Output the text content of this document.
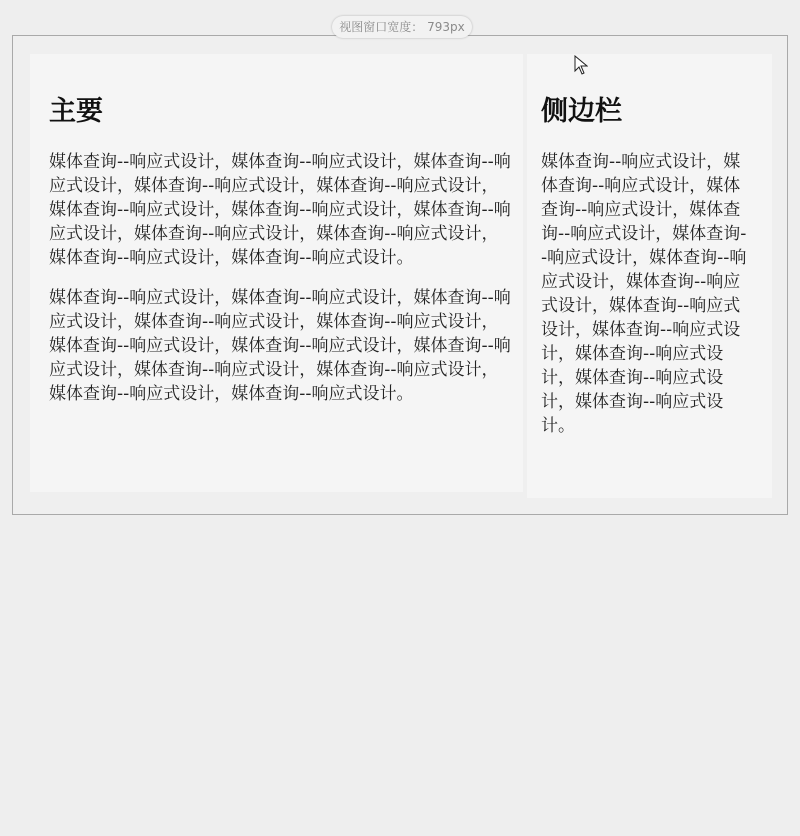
视图窗口宽度： 793px
主要

媒体查询--响应式设计，媒体查询--响应式设计，媒体查询--响应式设计，媒体查询--响应式设计，媒体查询--响应式设计，媒体查询--响应式设计，媒体查询--响应式设计，媒体查询--响应式设计，媒体查询--响应式设计，媒体查询--响应式设计，媒体查询--响应式设计，媒体查询--响应式设计。

媒体查询--响应式设计，媒体查询--响应式设计，媒体查询--响应式设计，媒体查询--响应式设计，媒体查询--响应式设计，媒体查询--响应式设计，媒体查询--响应式设计，媒体查询--响应式设计，媒体查询--响应式设计，媒体查询--响应式设计，媒体查询--响应式设计，媒体查询--响应式设计。

侧边栏

媒体查询--响应式设计，媒体查询--响应式设计，媒体查询--响应式设计，媒体查询--响应式设计，媒体查询--响应式设计，媒体查询--响应式设计，媒体查询--响应式设计，媒体查询--响应式设计，媒体查询--响应式设计，媒体查询--响应式设计，媒体查询--响应式设计，媒体查询--响应式设计。
